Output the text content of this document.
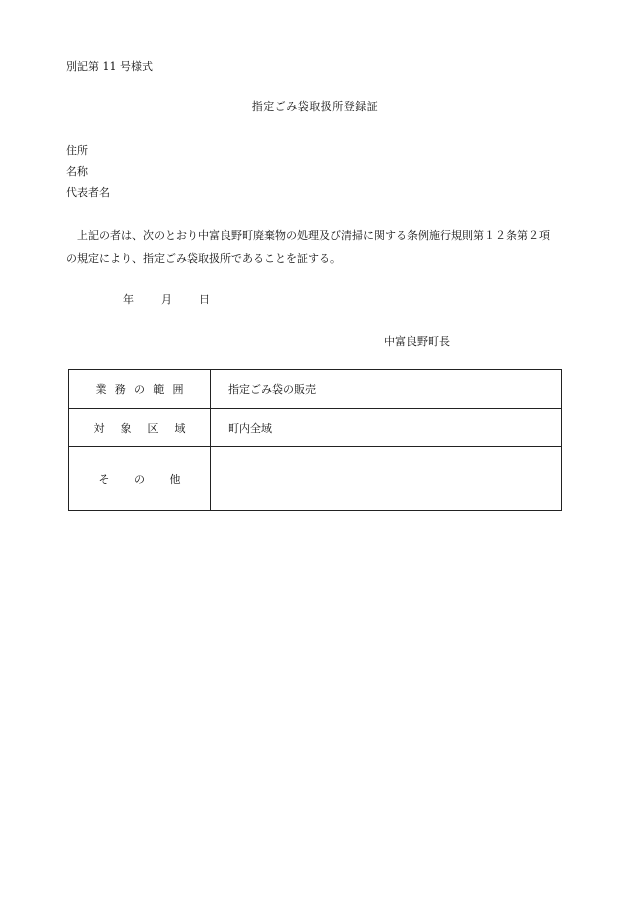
別記第 11 号様式
指定ごみ袋取扱所登録証
住所
名称
代表者名

上記の者は、次のとおり中富良野町廃棄物の処理及び清掃に関する条例施行規則第１２条第２項

の規定により、指定ごみ袋取扱所であることを証する。

年 月 日
中富良野町長
業 務 の 範 囲	指定ごみ袋の販売

対 象 区 域	町内全域

そ の 他	
